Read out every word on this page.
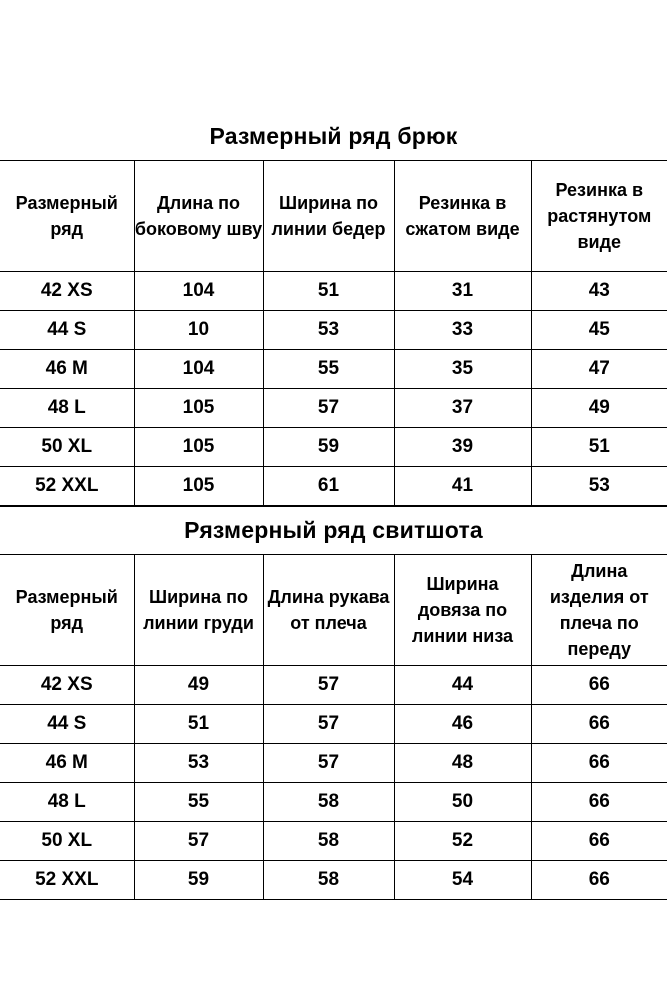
Размерный ряд брюк				
Размерный ряд	Длина по боковому шву	Ширина по линии бедер	Резинка в сжатом виде	Резинка в растянутом виде
42 XS	104	51	31	43
44 S	10	53	33	45
46 M	104	55	35	47
48 L	105	57	37	49
50 XL	105	59	39	51
52 XXL	105	61	41	53
Рязмерный ряд свитшота				
Размерный ряд	Ширина по линии груди	Длина рукава от плеча	Ширина довяза по линии низа	Длина изделия от плеча по переду
42 XS	49	57	44	66
44 S	51	57	46	66
46 M	53	57	48	66
48 L	55	58	50	66
50 XL	57	58	52	66
52 XXL	59	58	54	66
